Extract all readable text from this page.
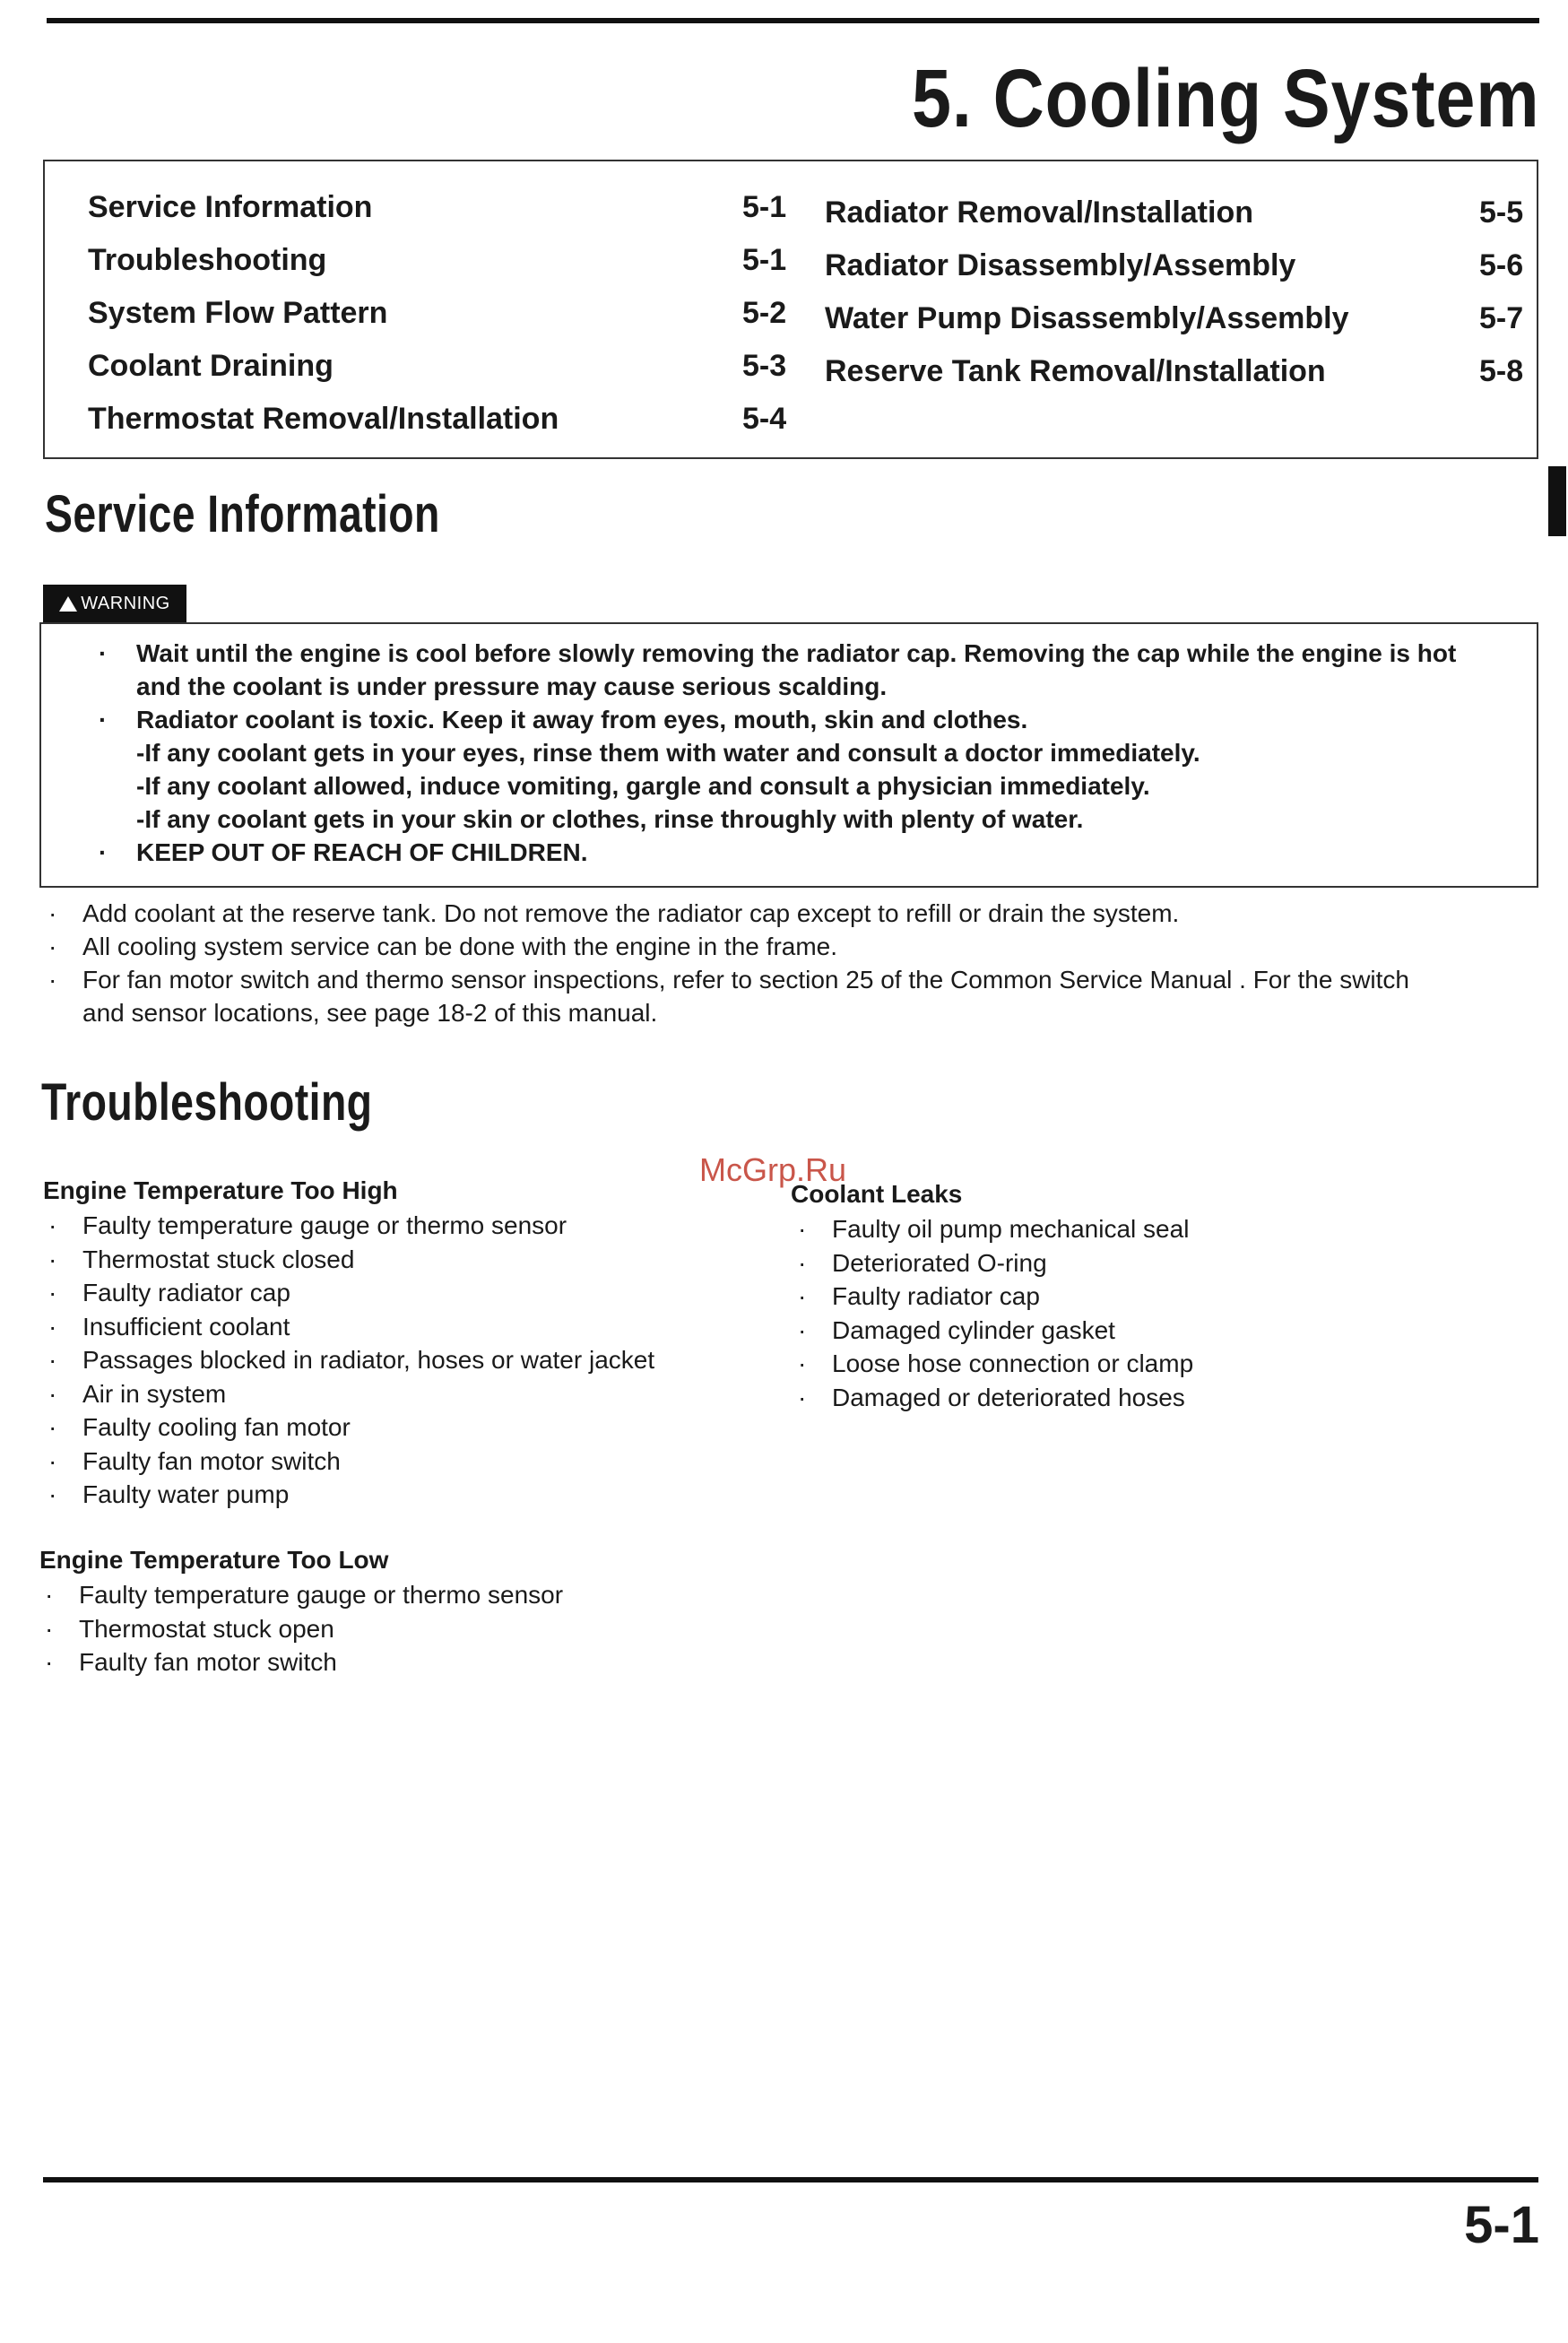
5. Cooling System
Service Information	5-1
Troubleshooting	5-1
System Flow Pattern	5-2
Coolant Draining	5-3
Thermostat Removal/Installation	5-4
Radiator Removal/Installation	5-5
Radiator Disassembly/Assembly	5-6
Water Pump Disassembly/Assembly	5-7
Reserve Tank Removal/Installation	5-8
Service Information
WARNING
· Wait until the engine is cool before slowly removing the radiator cap. Removing the cap while the engine is hot
and the coolant is under pressure may cause serious scalding.
· Radiator coolant is toxic. Keep it away from eyes, mouth, skin and clothes.
-If any coolant gets in your eyes, rinse them with water and consult a doctor immediately.
-If any coolant allowed, induce vomiting, gargle and consult a physician immediately.
-If any coolant gets in your skin or clothes, rinse throughly with plenty of water.
· KEEP OUT OF REACH OF CHILDREN.
· Add coolant at the reserve tank. Do not remove the radiator cap except to refill or drain the system.
· All cooling system service can be done with the engine in the frame.
· For fan motor switch and thermo sensor inspections, refer to section 25 of the Common Service Manual . For the switch
and sensor locations, see page 18-2 of this manual.
Troubleshooting
McGrp.Ru
Engine Temperature Too High
· Faulty temperature gauge or thermo sensor
· Thermostat stuck closed
· Faulty radiator cap
· Insufficient coolant
· Passages blocked in radiator, hoses or water jacket
· Air in system
· Faulty cooling fan motor
· Faulty fan motor switch
· Faulty water pump
Engine Temperature Too Low
· Faulty temperature gauge or thermo sensor
· Thermostat stuck open
· Faulty fan motor switch
Coolant Leaks
· Faulty oil pump mechanical seal
· Deteriorated O-ring
· Faulty radiator cap
· Damaged cylinder gasket
· Loose hose connection or clamp
· Damaged or deteriorated hoses
5-1
